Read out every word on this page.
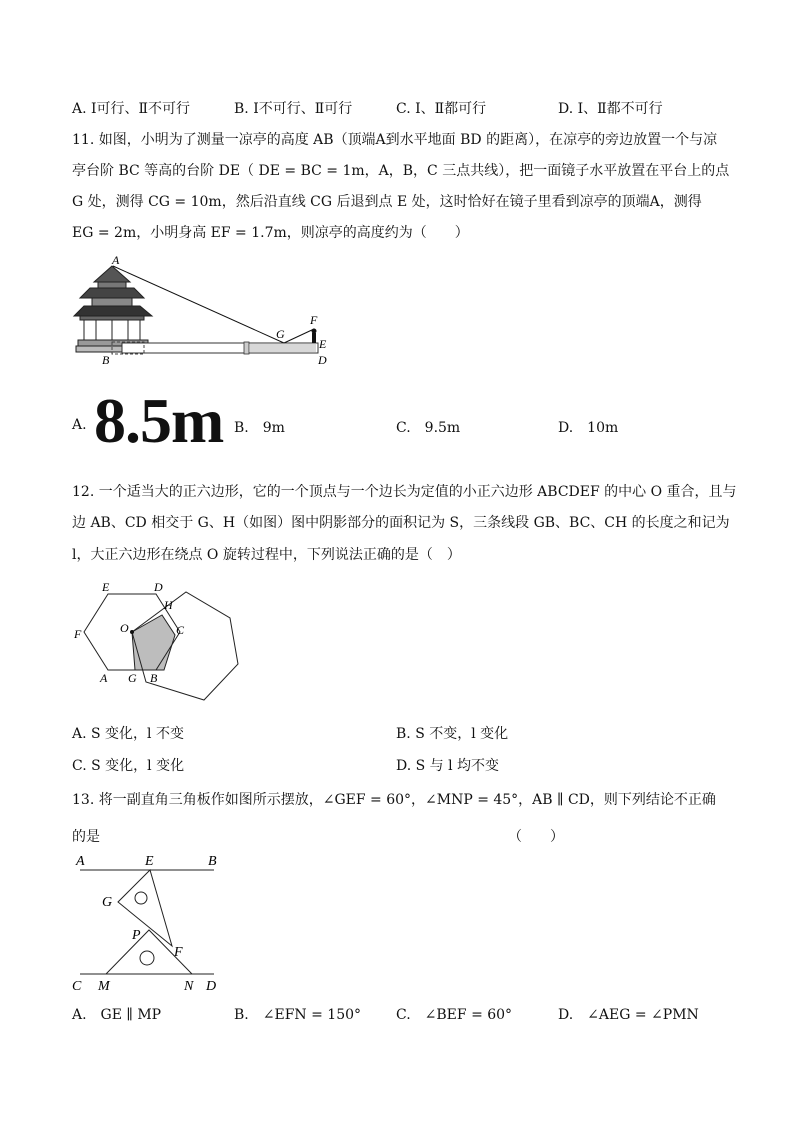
A. Ⅰ可行、Ⅱ不可行	B. Ⅰ不可行、Ⅱ可行	C. Ⅰ、Ⅱ都可行	D. Ⅰ、Ⅱ都不可行
11. 如图，小明为了测量一凉亭的高度 AB（顶端A到水平地面 BD 的距离），在凉亭的旁边放置一个与凉
亭台阶 BC 等高的台阶 DE（ DE = BC = 1m，A，B，C 三点共线），把一面镜子水平放置在平台上的点
G 处，测得 CG = 10m，然后沿直线 CG 后退到点 E 处，这时恰好在镜子里看到凉亭的顶端A，测得
EG = 2m，小明身高 EF = 1.7m，则凉亭的高度约为（　　）
A
B
G
F
E
D
A. 8.5m B.　9m	C.　9.5m	D.　10m
12. 一个适当大的正六边形，它的一个顶点与一个边长为定值的小正六边形 ABCDEF 的中心 O 重合，且与
边 AB、CD 相交于 G、H（如图）图中阴影部分的面积记为 S，三条线段 GB、BC、CH 的长度之和记为
l，大正六边形在绕点 O 旋转过程中，下列说法正确的是（　）
E	D
H
O	C
F
A G B
A. S 变化，l 不变	B. S 不变，l 变化
C. S 变化，l 变化	D. S 与 l 均不变
13. 将一副直角三角板作如图所示摆放，∠GEF = 60°，∠MNP = 45°，AB ∥ CD，则下列结论不正确
的是	（　　）
A	E	B
G
P
F
C M	N D
A.　GE ∥ MP	B.　∠EFN = 150° C.　∠BEF = 60°	D.　∠AEG = ∠PMN
